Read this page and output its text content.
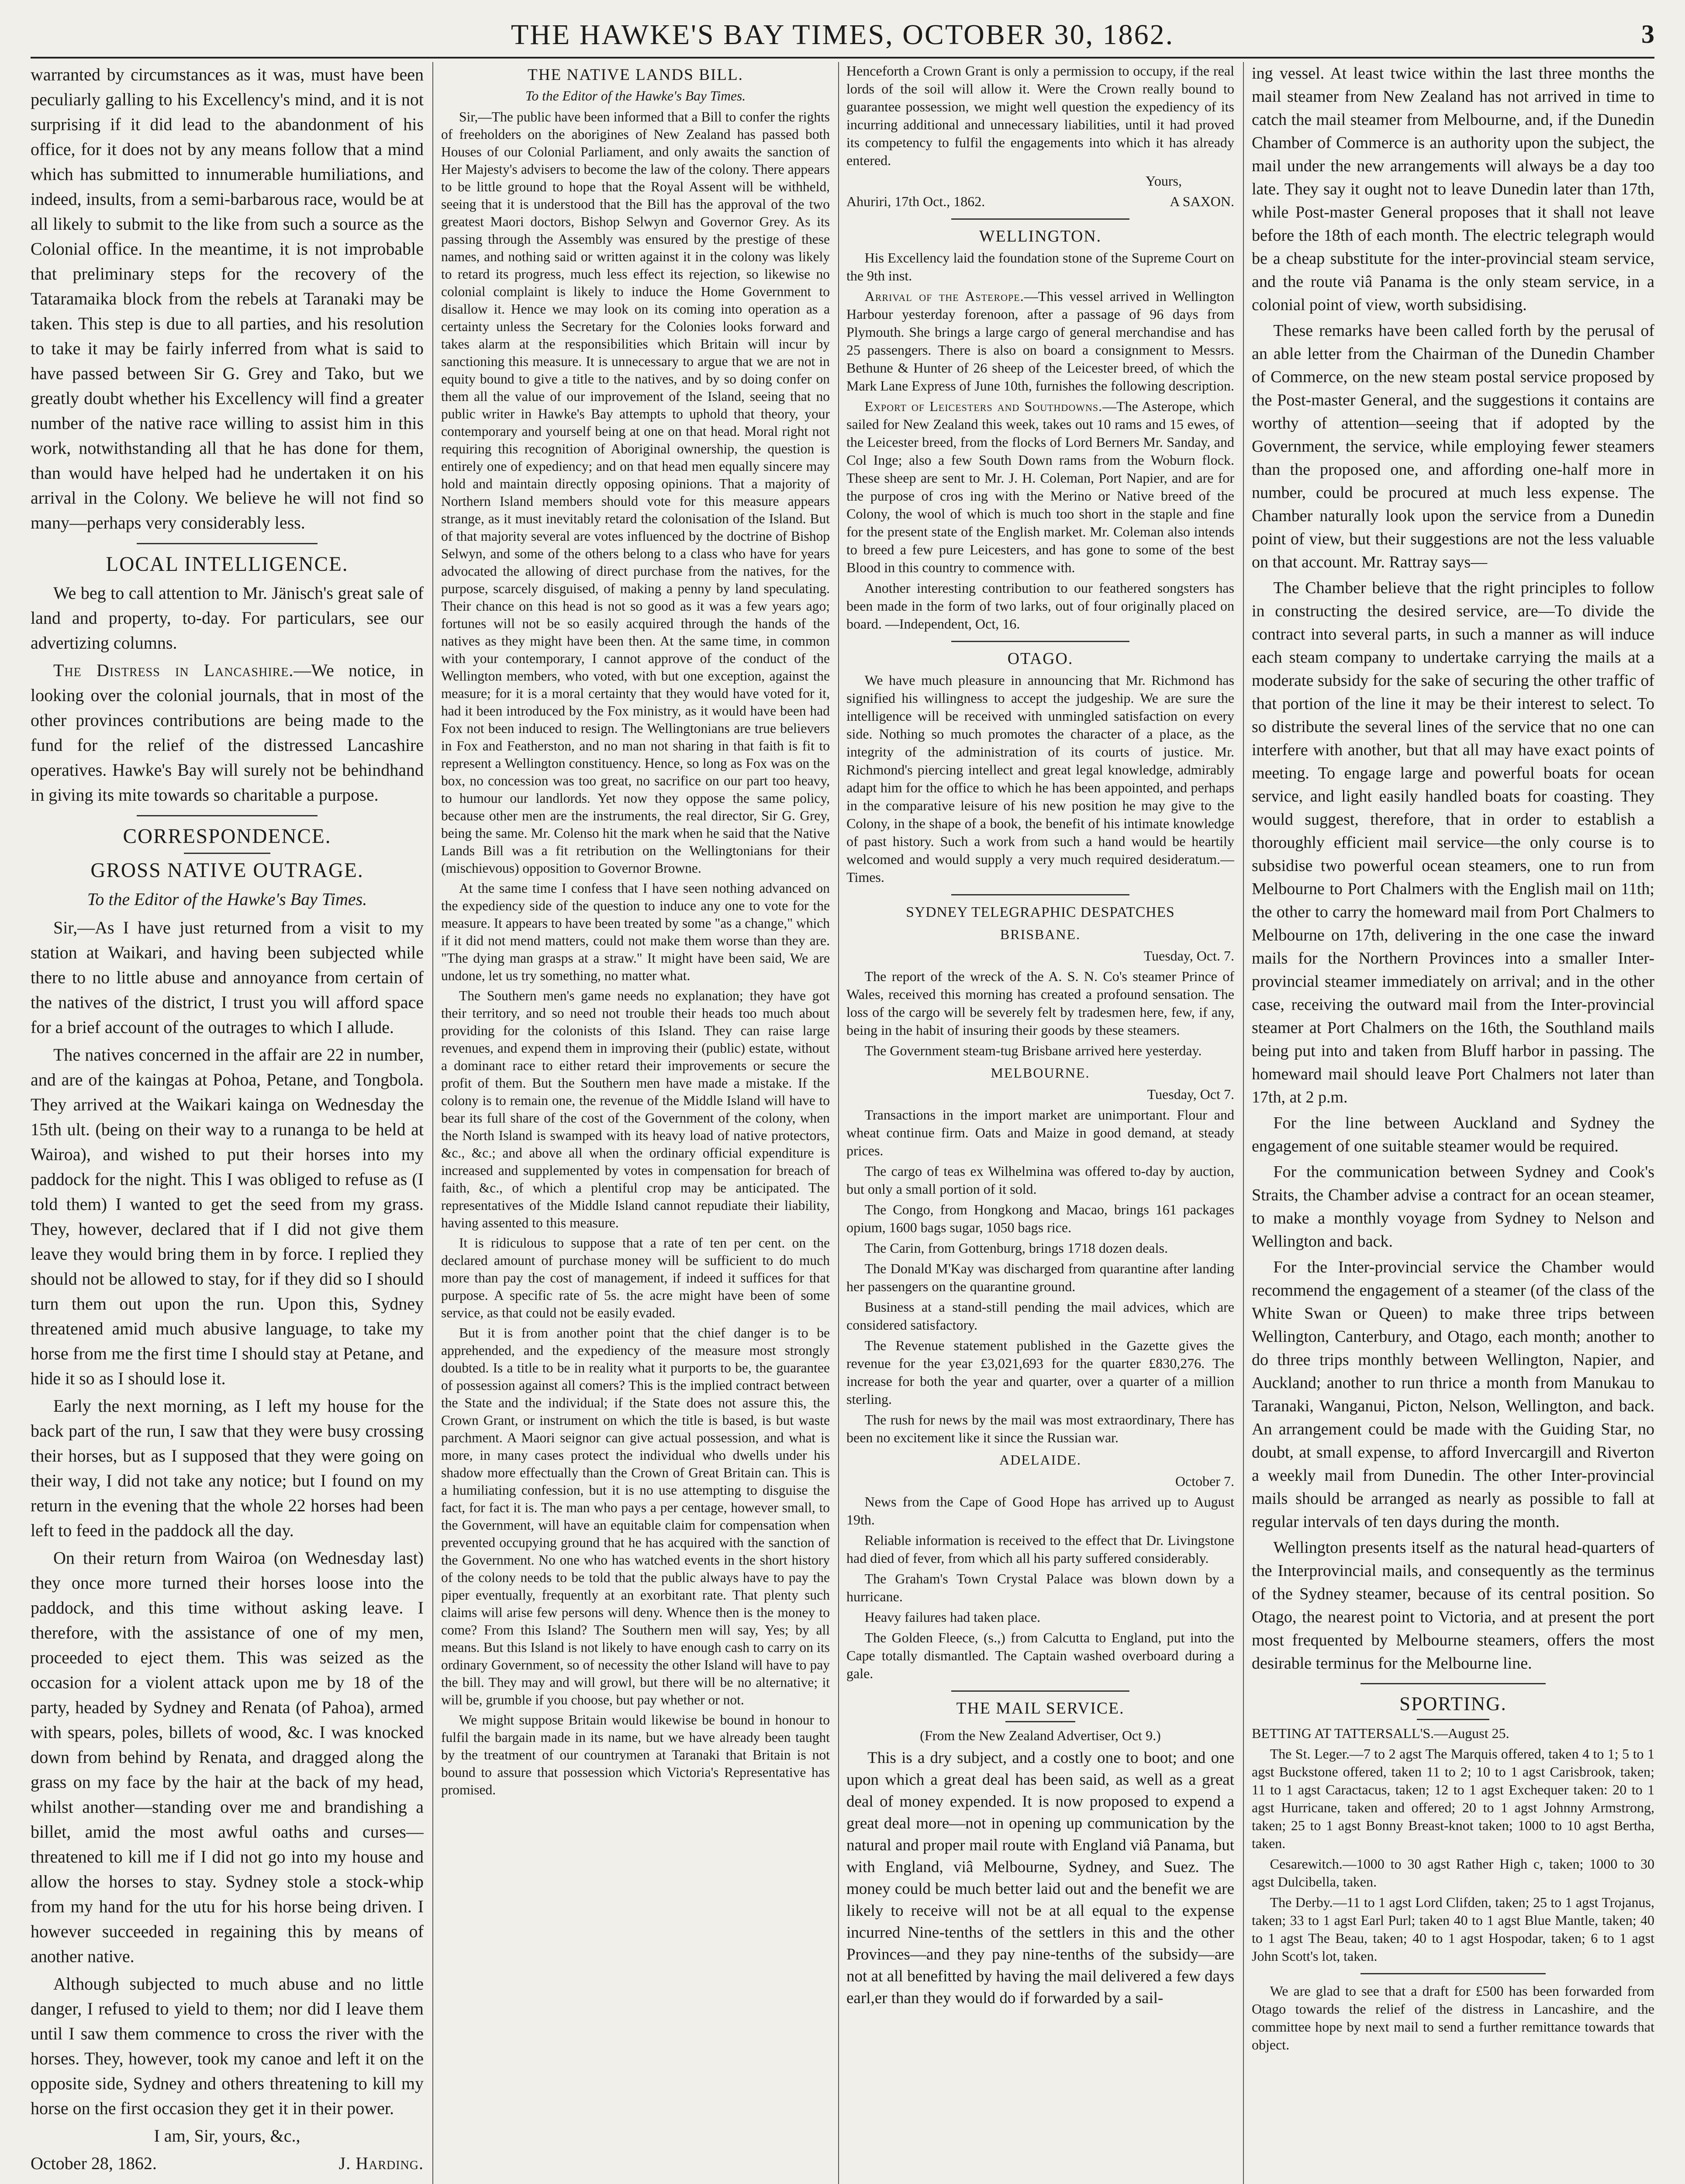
THE HAWKE'S BAY TIMES, OCTOBER 30, 1862.	3

warranted by circumstances as it was, must have been peculiarly galling to his Excellency's mind, and it is not surprising if it did lead to the abandonment of his office, for it does not by any means follow that a mind which has submitted to innumerable humiliations, and indeed, insults, from a semi-barbarous race, would be at all likely to submit to the like from such a source as the Colonial office. In the meantime, it is not improbable that preliminary steps for the recovery of the Tataramaika block from the rebels at Taranaki may be taken. This step is due to all parties, and his resolution to take it may be fairly inferred from what is said to have passed between Sir G. Grey and Tako, but we greatly doubt whether his Excellency will find a greater number of the native race willing to assist him in this work, notwithstanding all that he has done for them, than would have helped had he undertaken it on his arrival in the Colony. We believe he will not find so many—perhaps very considerably less.

LOCAL INTELLIGENCE.

We beg to call attention to Mr. Jänisch's great sale of land and property, to-day. For particulars, see our advertizing columns.

The Distress in Lancashire.—We notice, in looking over the colonial journals, that in most of the other provinces contributions are being made to the fund for the relief of the distressed Lancashire operatives. Hawke's Bay will surely not be behindhand in giving its mite towards so charitable a purpose.

CORRESPONDENCE.
GROSS NATIVE OUTRAGE.
To the Editor of the Hawke's Bay Times.

Sir,—As I have just returned from a visit to my station at Waikari, and having been subjected while there to no little abuse and annoyance from certain of the natives of the district, I trust you will afford space for a brief account of the outrages to which I allude.

The natives concerned in the affair are 22 in number, and are of the kaingas at Pohoa, Petane, and Tongbola. They arrived at the Waikari kainga on Wednesday the 15th ult. (being on their way to a runanga to be held at Wairoa), and wished to put their horses into my paddock for the night. This I was obliged to refuse as (I told them) I wanted to get the seed from my grass. They, however, declared that if I did not give them leave they would bring them in by force. I replied they should not be allowed to stay, for if they did so I should turn them out upon the run. Upon this, Sydney threatened amid much abusive language, to take my horse from me the first time I should stay at Petane, and hide it so as I should lose it.

Early the next morning, as I left my house for the back part of the run, I saw that they were busy crossing their horses, but as I supposed that they were going on their way, I did not take any notice; but I found on my return in the evening that the whole 22 horses had been left to feed in the paddock all the day.

On their return from Wairoa (on Wednesday last) they once more turned their horses loose into the paddock, and this time without asking leave. I therefore, with the assistance of one of my men, proceeded to eject them. This was seized as the occasion for a violent attack upon me by 18 of the party, headed by Sydney and Renata (of Pahoa), armed with spears, poles, billets of wood, &c. I was knocked down from behind by Renata, and dragged along the grass on my face by the hair at the back of my head, whilst another—standing over me and brandishing a billet, amid the most awful oaths and curses—threatened to kill me if I did not go into my house and allow the horses to stay. Sydney stole a stock-whip from my hand for the utu for his horse being driven. I however succeeded in regaining this by means of another native.

Although subjected to much abuse and no little danger, I refused to yield to them; nor did I leave them until I saw them commence to cross the river with the horses. They, however, took my canoe and left it on the opposite side, Sydney and others threatening to kill my horse on the first occasion they get it in their power.

I am, Sir, yours, &c.,

October 28, 1862.	J. Harding.
THE NATIVE LANDS BILL.
To the Editor of the Hawke's Bay Times.

Sir,—The public have been informed that a Bill to confer the rights of freeholders on the aborigines of New Zealand has passed both Houses of our Colonial Parliament, and only awaits the sanction of Her Majesty's advisers to become the law of the colony. There appears to be little ground to hope that the Royal Assent will be withheld, seeing that it is understood that the Bill has the approval of the two greatest Maori doctors, Bishop Selwyn and Governor Grey. As its passing through the Assembly was ensured by the prestige of these names, and nothing said or written against it in the colony was likely to retard its progress, much less effect its rejection, so likewise no colonial complaint is likely to induce the Home Government to disallow it. Hence we may look on its coming into operation as a certainty unless the Secretary for the Colonies looks forward and takes alarm at the responsibilities which Britain will incur by sanctioning this measure. It is unnecessary to argue that we are not in equity bound to give a title to the natives, and by so doing confer on them all the value of our improvement of the Island, seeing that no public writer in Hawke's Bay attempts to uphold that theory, your contemporary and yourself being at one on that head. Moral right not requiring this recognition of Aboriginal ownership, the question is entirely one of expediency; and on that head men equally sincere may hold and maintain directly opposing opinions. That a majority of Northern Island members should vote for this measure appears strange, as it must inevitably retard the colonisation of the Island. But of that majority several are votes influenced by the doctrine of Bishop Selwyn, and some of the others belong to a class who have for years advocated the allowing of direct purchase from the natives, for the purpose, scarcely disguised, of making a penny by land speculating. Their chance on this head is not so good as it was a few years ago; fortunes will not be so easily acquired through the hands of the natives as they might have been then. At the same time, in common with your contemporary, I cannot approve of the conduct of the Wellington members, who voted, with but one exception, against the measure; for it is a moral certainty that they would have voted for it, had it been introduced by the Fox ministry, as it would have been had Fox not been induced to resign. The Wellingtonians are true believers in Fox and Featherston, and no man not sharing in that faith is fit to represent a Wellington constituency. Hence, so long as Fox was on the box, no concession was too great, no sacrifice on our part too heavy, to humour our landlords. Yet now they oppose the same policy, because other men are the instruments, the real director, Sir G. Grey, being the same. Mr. Colenso hit the mark when he said that the Native Lands Bill was a fit retribution on the Wellingtonians for their (mischievous) opposition to Governor Browne.

At the same time I confess that I have seen nothing advanced on the expediency side of the question to induce any one to vote for the measure. It appears to have been treated by some "as a change," which if it did not mend matters, could not make them worse than they are. "The dying man grasps at a straw." It might have been said, We are undone, let us try something, no matter what.

The Southern men's game needs no explanation; they have got their territory, and so need not trouble their heads too much about providing for the colonists of this Island. They can raise large revenues, and expend them in improving their (public) estate, without a dominant race to either retard their improvements or secure the profit of them. But the Southern men have made a mistake. If the colony is to remain one, the revenue of the Middle Island will have to bear its full share of the cost of the Government of the colony, when the North Island is swamped with its heavy load of native protectors, &c., &c.; and above all when the ordinary official expenditure is increased and supplemented by votes in compensation for breach of faith, &c., of which a plentiful crop may be anticipated. The representatives of the Middle Island cannot repudiate their liability, having assented to this measure.

It is ridiculous to suppose that a rate of ten per cent. on the declared amount of purchase money will be sufficient to do much more than pay the cost of management, if indeed it suffices for that purpose. A specific rate of 5s. the acre might have been of some service, as that could not be easily evaded.

But it is from another point that the chief danger is to be apprehended, and the expediency of the measure most strongly doubted. Is a title to be in reality what it purports to be, the guarantee of possession against all comers? This is the implied contract between the State and the individual; if the State does not assure this, the Crown Grant, or instrument on which the title is based, is but waste parchment. A Maori seignor can give actual possession, and what is more, in many cases protect the individual who dwells under his shadow more effectually than the Crown of Great Britain can. This is a humiliating confession, but it is no use attempting to disguise the fact, for fact it is. The man who pays a per centage, however small, to the Government, will have an equitable claim for compensation when prevented occupying ground that he has acquired with the sanction of the Government. No one who has watched events in the short history of the colony needs to be told that the public always have to pay the piper eventually, frequently at an exorbitant rate. That plenty such claims will arise few persons will deny. Whence then is the money to come? From this Island? The Southern men will say, Yes; by all means. But this Island is not likely to have enough cash to carry on its ordinary Government, so of necessity the other Island will have to pay the bill. They may and will growl, but there will be no alternative; it will be, grumble if you choose, but pay whether or not.

We might suppose Britain would likewise be bound in honour to fulfil the bargain made in its name, but we have already been taught by the treatment of our countrymen at Taranaki that Britain is not bound to assure that possession which Victoria's Representative has promised.

Henceforth a Crown Grant is only a permission to occupy, if the real lords of the soil will allow it. Were the Crown really bound to guarantee possession, we might well question the expediency of its incurring additional and unnecessary liabilities, until it had proved its competency to fulfil the engagements into which it has already entered.

Yours,

Ahuriri, 17th Oct., 1862.	A SAXON.
WELLINGTON.

His Excellency laid the foundation stone of the Supreme Court on the 9th inst.

Arrival of the Asterope.—This vessel arrived in Wellington Harbour yesterday forenoon, after a passage of 96 days from Plymouth. She brings a large cargo of general merchandise and has 25 passengers. There is also on board a consignment to Messrs. Bethune & Hunter of 26 sheep of the Leicester breed, of which the Mark Lane Express of June 10th, furnishes the following description.

Export of Leicesters and Southdowns.—The Asterope, which sailed for New Zealand this week, takes out 10 rams and 15 ewes, of the Leicester breed, from the flocks of Lord Berners Mr. Sanday, and Col Inge; also a few South Down rams from the Woburn flock. These sheep are sent to Mr. J. H. Coleman, Port Napier, and are for the purpose of cros ing with the Merino or Native breed of the Colony, the wool of which is much too short in the staple and fine for the present state of the English market. Mr. Coleman also intends to breed a few pure Leicesters, and has gone to some of the best Blood in this country to commence with.

Another interesting contribution to our feathered songsters has been made in the form of two larks, out of four originally placed on board. —Independent, Oct, 16.

OTAGO.

We have much pleasure in announcing that Mr. Richmond has signified his willingness to accept the judgeship. We are sure the intelligence will be received with unmingled satisfaction on every side. Nothing so much promotes the character of a place, as the integrity of the administration of its courts of justice. Mr. Richmond's piercing intellect and great legal knowledge, admirably adapt him for the office to which he has been appointed, and perhaps in the comparative leisure of his new position he may give to the Colony, in the shape of a book, the benefit of his intimate knowledge of past history. Such a work from such a hand would be heartily welcomed and would supply a very much required desideratum.—Times.

SYDNEY TELEGRAPHIC DESPATCHES
BRISBANE.

Tuesday, Oct. 7.

The report of the wreck of the A. S. N. Co's steamer Prince of Wales, received this morning has created a profound sensation. The loss of the cargo will be severely felt by tradesmen here, few, if any, being in the habit of insuring their goods by these steamers.

The Government steam-tug Brisbane arrived here yesterday.

MELBOURNE.

Tuesday, Oct 7.

Transactions in the import market are unimportant. Flour and wheat continue firm. Oats and Maize in good demand, at steady prices.

The cargo of teas ex Wilhelmina was offered to-day by auction, but only a small portion of it sold.

The Congo, from Hongkong and Macao, brings 161 packages opium, 1600 bags sugar, 1050 bags rice.

The Carin, from Gottenburg, brings 1718 dozen deals.

The Donald M'Kay was discharged from quarantine after landing her passengers on the quarantine ground.

Business at a stand-still pending the mail advices, which are considered satisfactory.

The Revenue statement published in the Gazette gives the revenue for the year £3,021,693 for the quarter £830,276. The increase for both the year and quarter, over a quarter of a million sterling.

The rush for news by the mail was most extraordinary, There has been no excitement like it since the Russian war.

ADELAIDE.

October 7.

News from the Cape of Good Hope has arrived up to August 19th.

Reliable information is received to the effect that Dr. Livingstone had died of fever, from which all his party suffered considerably.

The Graham's Town Crystal Palace was blown down by a hurricane.

Heavy failures had taken place.

The Golden Fleece, (s.,) from Calcutta to England, put into the Cape totally dismantled. The Captain washed overboard during a gale.

THE MAIL SERVICE.

(From the New Zealand Advertiser, Oct 9.)

This is a dry subject, and a costly one to boot; and one upon which a great deal has been said, as well as a great deal of money expended. It is now proposed to expend a great deal more—not in opening up communication by the natural and proper mail route with England viâ Panama, but with England, viâ Melbourne, Sydney, and Suez. The money could be much better laid out and the benefit we are likely to receive will not be at all equal to the expense incurred Nine-tenths of the settlers in this and the other Provinces—and they pay nine-tenths of the subsidy—are not at all benefitted by having the mail delivered a few days earl,er than they would do if forwarded by a sail-

ing vessel. At least twice within the last three months the mail steamer from New Zealand has not arrived in time to catch the mail steamer from Melbourne, and, if the Dunedin Chamber of Commerce is an authority upon the subject, the mail under the new arrangements will always be a day too late. They say it ought not to leave Dunedin later than 17th, while Post-master General proposes that it shall not leave before the 18th of each month. The electric telegraph would be a cheap substitute for the inter-provincial steam service, and the route viâ Panama is the only steam service, in a colonial point of view, worth subsidising.

These remarks have been called forth by the perusal of an able letter from the Chairman of the Dunedin Chamber of Commerce, on the new steam postal service proposed by the Post-master General, and the suggestions it contains are worthy of attention—seeing that if adopted by the Government, the service, while employing fewer steamers than the proposed one, and affording one-half more in number, could be procured at much less expense. The Chamber naturally look upon the service from a Dunedin point of view, but their suggestions are not the less valuable on that account. Mr. Rattray says—

The Chamber believe that the right principles to follow in constructing the desired service, are—To divide the contract into several parts, in such a manner as will induce each steam company to undertake carrying the mails at a moderate subsidy for the sake of securing the other traffic of that portion of the line it may be their interest to select. To so distribute the several lines of the service that no one can interfere with another, but that all may have exact points of meeting. To engage large and powerful boats for ocean service, and light easily handled boats for coasting. They would suggest, therefore, that in order to establish a thoroughly efficient mail service—the only course is to subsidise two powerful ocean steamers, one to run from Melbourne to Port Chalmers with the English mail on 11th; the other to carry the homeward mail from Port Chalmers to Melbourne on 17th, delivering in the one case the inward mails for the Northern Provinces into a smaller Inter-provincial steamer immediately on arrival; and in the other case, receiving the outward mail from the Inter-provincial steamer at Port Chalmers on the 16th, the Southland mails being put into and taken from Bluff harbor in passing. The homeward mail should leave Port Chalmers not later than 17th, at 2 p.m.

For the line between Auckland and Sydney the engagement of one suitable steamer would be required.

For the communication between Sydney and Cook's Straits, the Chamber advise a contract for an ocean steamer, to make a monthly voyage from Sydney to Nelson and Wellington and back.

For the Inter-provincial service the Chamber would recommend the engagement of a steamer (of the class of the White Swan or Queen) to make three trips between Wellington, Canterbury, and Otago, each month; another to do three trips monthly between Wellington, Napier, and Auckland; another to run thrice a month from Manukau to Taranaki, Wanganui, Picton, Nelson, Wellington, and back. An arrangement could be made with the Guiding Star, no doubt, at small expense, to afford Invercargill and Riverton a weekly mail from Dunedin. The other Inter-provincial mails should be arranged as nearly as possible to fall at regular intervals of ten days during the month.

Wellington presents itself as the natural head-quarters of the Interprovincial mails, and consequently as the terminus of the Sydney steamer, because of its central position. So Otago, the nearest point to Victoria, and at present the port most frequented by Melbourne steamers, offers the most desirable terminus for the Melbourne line.

SPORTING.

BETTING AT TATTERSALL'S.—August 25.

The St. Leger.—7 to 2 agst The Marquis offered, taken 4 to 1; 5 to 1 agst Buckstone offered, taken 11 to 2; 10 to 1 agst Carisbrook, taken; 11 to 1 agst Caractacus, taken; 12 to 1 agst Exchequer taken: 20 to 1 agst Hurricane, taken and offered; 20 to 1 agst Johnny Armstrong, taken; 25 to 1 agst Bonny Breast-knot taken; 1000 to 10 agst Bertha, taken.

Cesarewitch.—1000 to 30 agst Rather High c, taken; 1000 to 30 agst Dulcibella, taken.

The Derby.—11 to 1 agst Lord Clifden, taken; 25 to 1 agst Trojanus, taken; 33 to 1 agst Earl Purl; taken 40 to 1 agst Blue Mantle, taken; 40 to 1 agst The Beau, taken; 40 to 1 agst Hospodar, taken; 6 to 1 agst John Scott's lot, taken.

We are glad to see that a draft for £500 has been forwarded from Otago towards the relief of the distress in Lancashire, and the committee hope by next mail to send a further remittance towards that object.
